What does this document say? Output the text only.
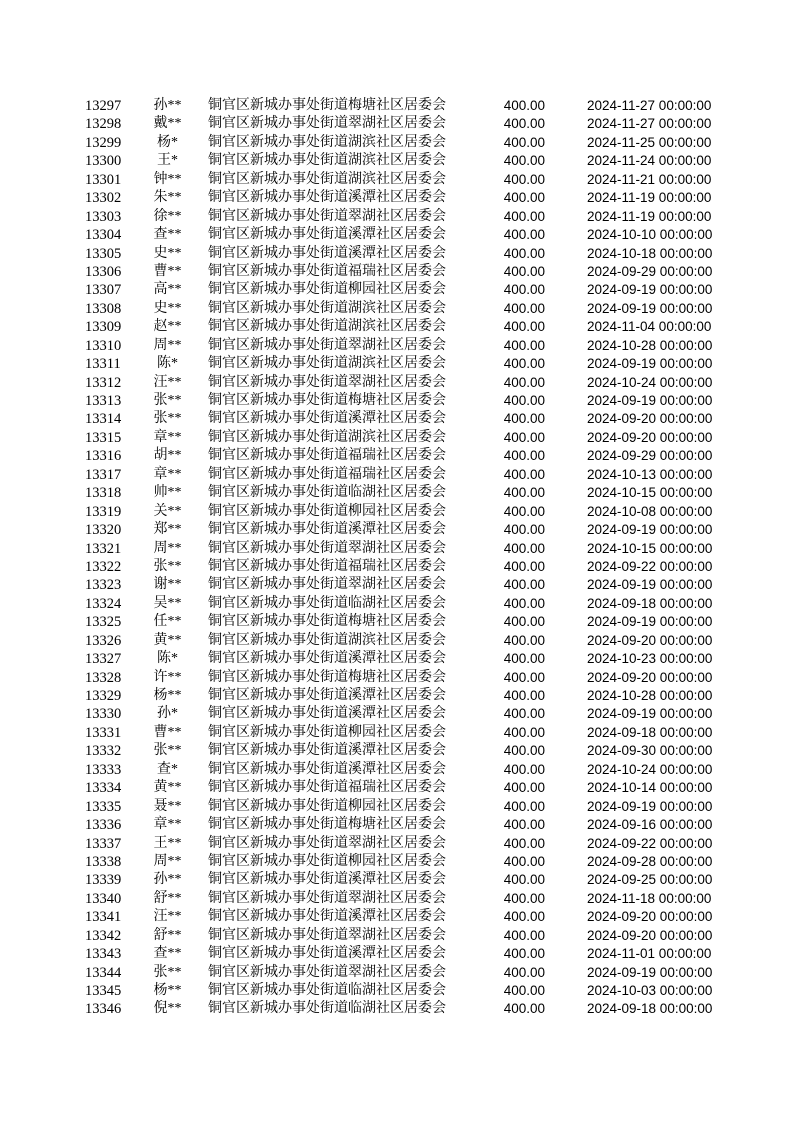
13297	孙**	铜官区新城办事处街道梅塘社区居委会	400.00	2024-11-27 00:00:00
13298	戴**	铜官区新城办事处街道翠湖社区居委会	400.00	2024-11-27 00:00:00
13299	杨*	铜官区新城办事处街道湖滨社区居委会	400.00	2024-11-25 00:00:00
13300	王*	铜官区新城办事处街道湖滨社区居委会	400.00	2024-11-24 00:00:00
13301	钟**	铜官区新城办事处街道湖滨社区居委会	400.00	2024-11-21 00:00:00
13302	朱**	铜官区新城办事处街道溪潭社区居委会	400.00	2024-11-19 00:00:00
13303	徐**	铜官区新城办事处街道翠湖社区居委会	400.00	2024-11-19 00:00:00
13304	查**	铜官区新城办事处街道溪潭社区居委会	400.00	2024-10-10 00:00:00
13305	史**	铜官区新城办事处街道溪潭社区居委会	400.00	2024-10-18 00:00:00
13306	曹**	铜官区新城办事处街道福瑞社区居委会	400.00	2024-09-29 00:00:00
13307	高**	铜官区新城办事处街道柳园社区居委会	400.00	2024-09-19 00:00:00
13308	史**	铜官区新城办事处街道湖滨社区居委会	400.00	2024-09-19 00:00:00
13309	赵**	铜官区新城办事处街道湖滨社区居委会	400.00	2024-11-04 00:00:00
13310	周**	铜官区新城办事处街道翠湖社区居委会	400.00	2024-10-28 00:00:00
13311	陈*	铜官区新城办事处街道湖滨社区居委会	400.00	2024-09-19 00:00:00
13312	汪**	铜官区新城办事处街道翠湖社区居委会	400.00	2024-10-24 00:00:00
13313	张**	铜官区新城办事处街道梅塘社区居委会	400.00	2024-09-19 00:00:00
13314	张**	铜官区新城办事处街道溪潭社区居委会	400.00	2024-09-20 00:00:00
13315	章**	铜官区新城办事处街道湖滨社区居委会	400.00	2024-09-20 00:00:00
13316	胡**	铜官区新城办事处街道福瑞社区居委会	400.00	2024-09-29 00:00:00
13317	章**	铜官区新城办事处街道福瑞社区居委会	400.00	2024-10-13 00:00:00
13318	帅**	铜官区新城办事处街道临湖社区居委会	400.00	2024-10-15 00:00:00
13319	关**	铜官区新城办事处街道柳园社区居委会	400.00	2024-10-08 00:00:00
13320	郑**	铜官区新城办事处街道溪潭社区居委会	400.00	2024-09-19 00:00:00
13321	周**	铜官区新城办事处街道翠湖社区居委会	400.00	2024-10-15 00:00:00
13322	张**	铜官区新城办事处街道福瑞社区居委会	400.00	2024-09-22 00:00:00
13323	谢**	铜官区新城办事处街道翠湖社区居委会	400.00	2024-09-19 00:00:00
13324	吴**	铜官区新城办事处街道临湖社区居委会	400.00	2024-09-18 00:00:00
13325	任**	铜官区新城办事处街道梅塘社区居委会	400.00	2024-09-19 00:00:00
13326	黄**	铜官区新城办事处街道湖滨社区居委会	400.00	2024-09-20 00:00:00
13327	陈*	铜官区新城办事处街道溪潭社区居委会	400.00	2024-10-23 00:00:00
13328	许**	铜官区新城办事处街道梅塘社区居委会	400.00	2024-09-20 00:00:00
13329	杨**	铜官区新城办事处街道溪潭社区居委会	400.00	2024-10-28 00:00:00
13330	孙*	铜官区新城办事处街道溪潭社区居委会	400.00	2024-09-19 00:00:00
13331	曹**	铜官区新城办事处街道柳园社区居委会	400.00	2024-09-18 00:00:00
13332	张**	铜官区新城办事处街道溪潭社区居委会	400.00	2024-09-30 00:00:00
13333	查*	铜官区新城办事处街道溪潭社区居委会	400.00	2024-10-24 00:00:00
13334	黄**	铜官区新城办事处街道福瑞社区居委会	400.00	2024-10-14 00:00:00
13335	聂**	铜官区新城办事处街道柳园社区居委会	400.00	2024-09-19 00:00:00
13336	章**	铜官区新城办事处街道梅塘社区居委会	400.00	2024-09-16 00:00:00
13337	王**	铜官区新城办事处街道翠湖社区居委会	400.00	2024-09-22 00:00:00
13338	周**	铜官区新城办事处街道柳园社区居委会	400.00	2024-09-28 00:00:00
13339	孙**	铜官区新城办事处街道溪潭社区居委会	400.00	2024-09-25 00:00:00
13340	舒**	铜官区新城办事处街道翠湖社区居委会	400.00	2024-11-18 00:00:00
13341	汪**	铜官区新城办事处街道溪潭社区居委会	400.00	2024-09-20 00:00:00
13342	舒**	铜官区新城办事处街道翠湖社区居委会	400.00	2024-09-20 00:00:00
13343	查**	铜官区新城办事处街道溪潭社区居委会	400.00	2024-11-01 00:00:00
13344	张**	铜官区新城办事处街道翠湖社区居委会	400.00	2024-09-19 00:00:00
13345	杨**	铜官区新城办事处街道临湖社区居委会	400.00	2024-10-03 00:00:00
13346	倪**	铜官区新城办事处街道临湖社区居委会	400.00	2024-09-18 00:00:00
